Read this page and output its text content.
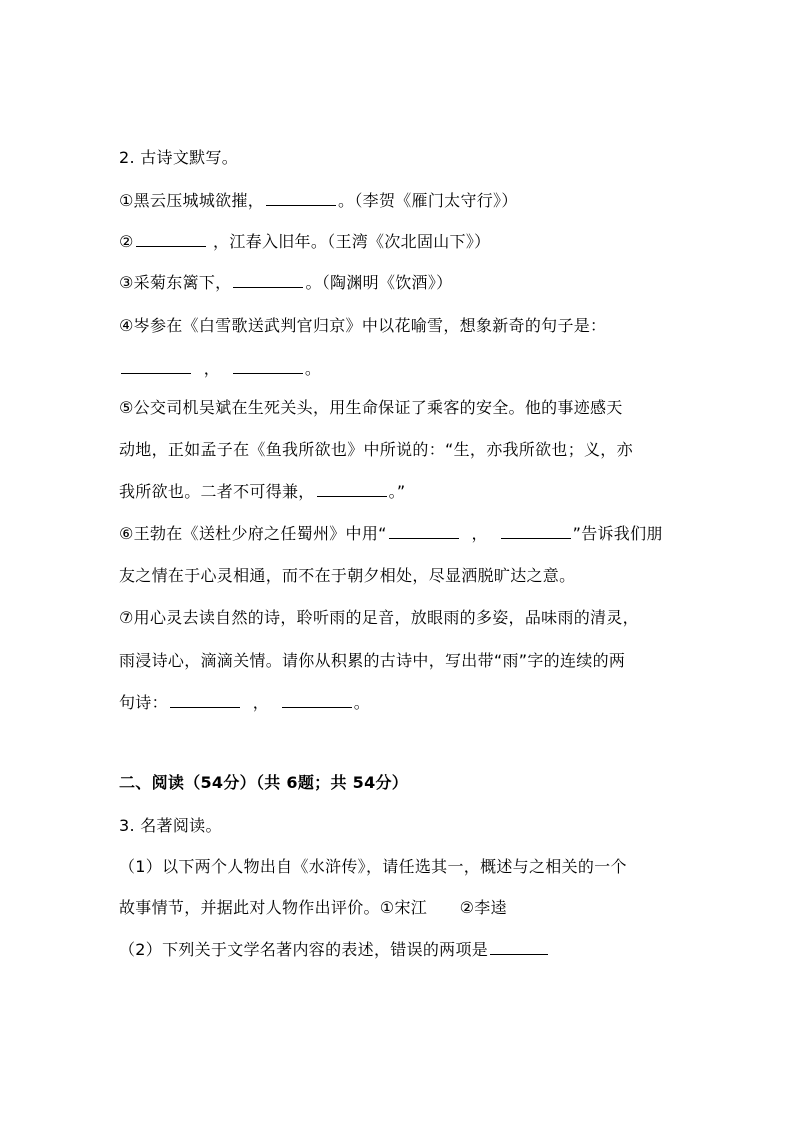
2. 古诗文默写。
①黑云压城城欲摧，	。（李贺《雁门太守行》）
②	，江春入旧年。（王湾《次北固山下》）
③采菊东篱下，	。（陶渊明《饮酒》）
④岑参在《白雪歌送武判官归京》中以花喻雪，想象新奇的句子是：
，	。
⑤公交司机吴斌在生死关头，用生命保证了乘客的安全。他的事迹感天
动地，正如孟子在《鱼我所欲也》中所说的：“生，亦我所欲也；义，亦
我所欲也。二者不可得兼，	。”
⑥王勃在《送杜少府之任蜀州》中用“	，	”告诉我们朋
友之情在于心灵相通，而不在于朝夕相处，尽显洒脱旷达之意。
⑦用心灵去读自然的诗，聆听雨的足音，放眼雨的多姿，品味雨的清灵，
雨浸诗心，滴滴关情。请你从积累的古诗中，写出带“雨”字的连续的两
句诗：	，	。
二、阅读（54分）（共 6题；共 54分）
3. 名著阅读。
（1）以下两个人物出自《水浒传》，请任选其一，概述与之相关的一个
故事情节，并据此对人物作出评价。①宋江　　②李逵
（2）下列关于文学名著内容的表述，错误的两项是
